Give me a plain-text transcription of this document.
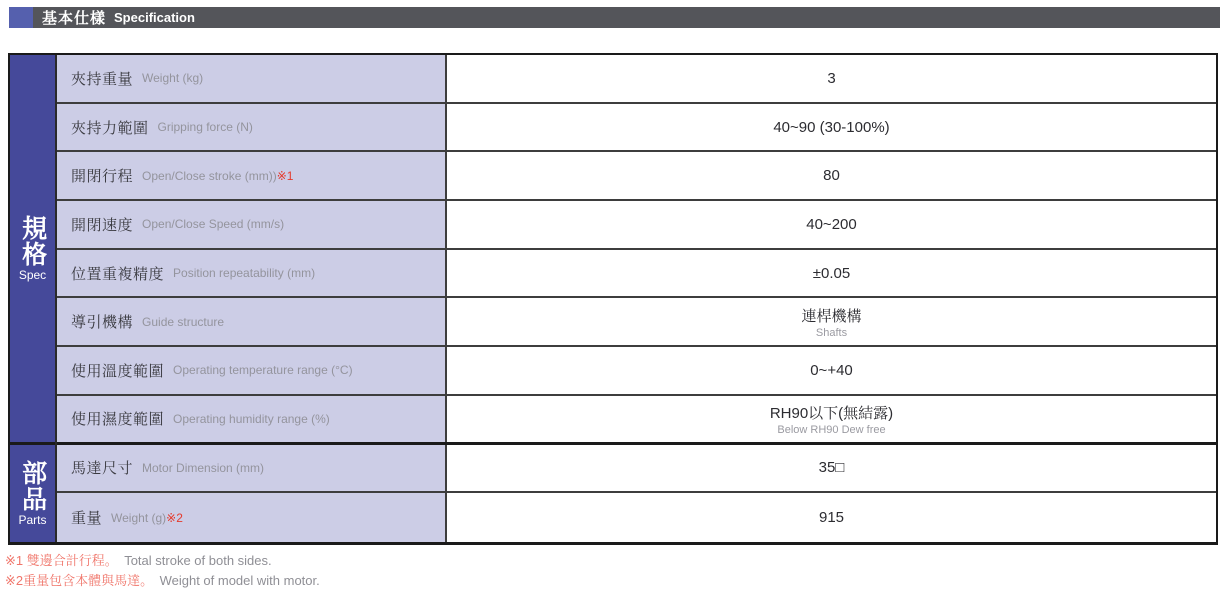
基本仕樣 Specification
規格
Spec
部品
Parts
夾持重量 Weight (kg)	3
夾持力範圍 Gripping force (N)	40~90 (30-100%)
開閉行程 Open/Close stroke (mm)) ※1	80
開閉速度 Open/Close Speed (mm/s)	40~200
位置重複精度 Position repeatability (mm)	±0.05
導引機構 Guide structure	連桿機構
Shafts
使用溫度範圍 Operating temperature range (°C)	0~+40
使用濕度範圍 Operating humidity range (%)	RH90以下(無結露)
Below RH90 Dew free
馬達尺寸 Motor Dimension (mm)	35□
重量 Weight (g) ※2	915
※1 雙邊合計行程。 Total stroke of both sides.
※2重量包含本體與馬達。 Weight of model with motor.
